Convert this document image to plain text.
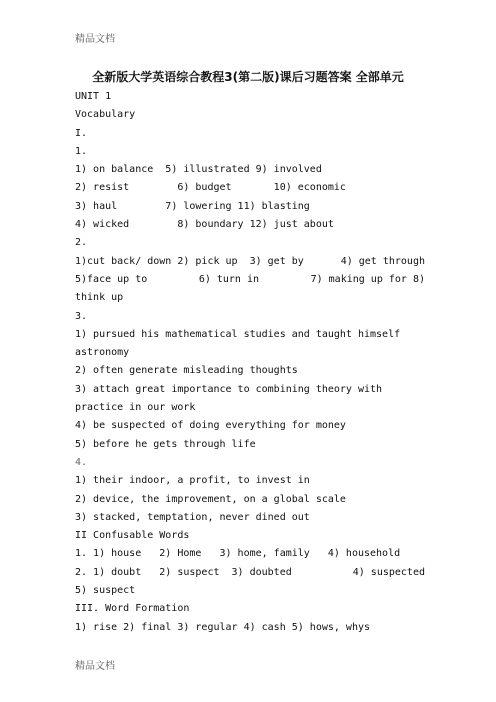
精品文档

全新版大学英语综合教程3(第二版)课后习题答案 全部单元

UNIT 1

Vocabulary

I.

1.

1) on balance  5) illustrated 9) involved

2) resist        6) budget       10) economic

3) haul        7) lowering 11) blasting

4) wicked        8) boundary 12) just about

2.

1)cut back/ down 2) pick up  3) get by	4) get through
5)face up to	6) turn in	7) making up for 8)

think up

3.

1) pursued his mathematical studies and taught himself astronomy

2) often generate misleading thoughts

3) attach great importance to combining theory with practice in our work

4) be suspected of doing everything for money

5) before he gets through life

4.

1) their indoor, a profit, to invest in

2) device, the improvement, on a global scale

3) stacked, temptation, never dined out

II Confusable Words

1. 1) house   2) Home   3) home, family   4) household

2. 1) doubt   2) suspect  3) doubted	4) suspected

5) suspect

III. Word Formation

1) rise 2) final 3) regular 4) cash 5) hows, whys

精品文档
